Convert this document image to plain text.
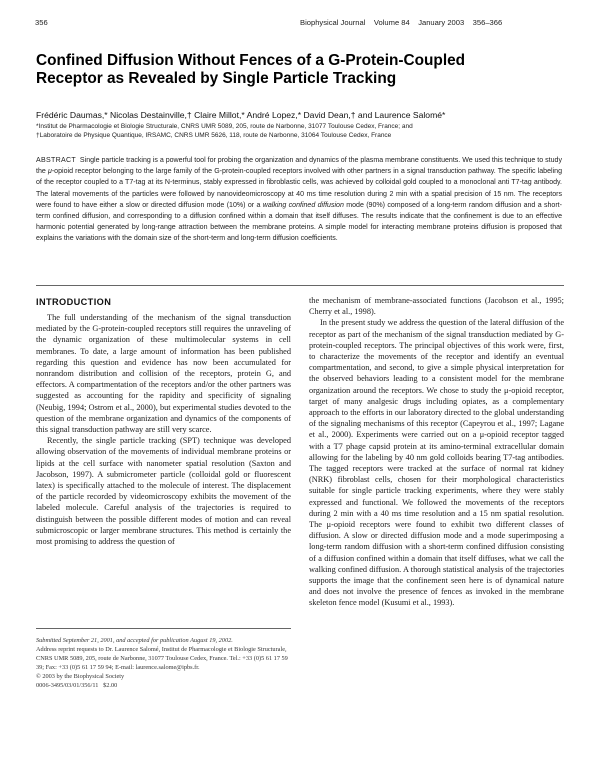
356	Biophysical Journal    Volume 84    January 2003    356–366
Confined Diffusion Without Fences of a G-Protein-Coupled
Receptor as Revealed by Single Particle Tracking
Frédéric Daumas,* Nicolas Destainville,† Claire Millot,* André Lopez,* David Dean,† and Laurence Salomé*
*Institut de Pharmacologie et Biologie Structurale, CNRS UMR 5089, 205, route de Narbonne, 31077 Toulouse Cedex, France; and
†Laboratoire de Physique Quantique, IRSAMC, CNRS UMR 5626, 118, route de Narbonne, 31064 Toulouse Cedex, France
ABSTRACT Single particle tracking is a powerful tool for probing the organization and dynamics of the plasma membrane constituents. We used this technique to study the μ-opioid receptor belonging to the large family of the G-protein-coupled receptors involved with other partners in a signal transduction pathway. The specific labeling of the receptor coupled to a T7-tag at its N-terminus, stably expressed in fibroblastic cells, was achieved by colloidal gold coupled to a monoclonal anti T7-tag antibody. The lateral movements of the particles were followed by nanovideomicroscopy at 40 ms time resolution during 2 min with a spatial precision of 15 nm. The receptors were found to have either a slow or directed diffusion mode (10%) or a walking confined diffusion mode (90%) composed of a long-term random diffusion and a short-term confined diffusion, and corresponding to a diffusion confined within a domain that itself diffuses. The results indicate that the confinement is due to an effective harmonic potential generated by long-range attraction between the membrane proteins. A simple model for interacting membrane proteins diffusion is proposed that explains the variations with the domain size of the short-term and long-term diffusion coefficients.
INTRODUCTION

The full understanding of the mechanism of the signal transduction mediated by the G-protein-coupled receptors still requires the unraveling of the dynamic organization of these multimolecular systems in cell membranes. To date, a large amount of information has been published regarding this question and evidence has now been accumulated for nonrandom distribution and collision of the receptors, protein G, and effectors. A compartmentation of the receptors and/or the other partners was suggested as accounting for the rapidity and specificity of signaling (Neubig, 1994; Ostrom et al., 2000), but experimental studies devoted to the question of the membrane organization and dynamics of the components of this signal transduction pathway are still very scarce.

Recently, the single particle tracking (SPT) technique was developed allowing observation of the movements of individual membrane proteins or lipids at the cell surface with nanometer spatial resolution (Saxton and Jacobson, 1997). A submicrometer particle (colloidal gold or fluorescent latex) is specifically attached to the molecule of interest. The displacement of the particle recorded by videomicroscopy exhibits the movement of the labeled molecule. Careful analysis of the trajectories is required to distinguish between the possible different modes of motion and can reveal submicroscopic or larger membrane structures. This method is certainly the most promising to address the question of

Submitted September 21, 2001, and accepted for publication August 19, 2002.

Address reprint requests to Dr. Laurence Salomé, Institut de Pharmacologie et Biologie Structurale, CNRS UMR 5089, 205, route de Narbonne, 31077 Toulouse Cedex, France. Tel.: +33 (0)5 61 17 59 39; Fax: +33 (0)5 61 17 59 94; E-mail: laurence.salome@ipbs.fr.

© 2003 by the Biophysical Society

0006-3495/03/01/356/11   $2.00

the mechanism of membrane-associated functions (Jacobson et al., 1995; Cherry et al., 1998).

In the present study we address the question of the lateral diffusion of the receptor as part of the mechanism of the signal transduction mediated by G-protein-coupled receptors. The principal objectives of this work were, first, to characterize the movements of the receptor and identify an eventual compartmentation, and second, to give a simple physical interpretation for the observed behaviors leading to a consistent model for the membrane organization around the receptors. We chose to study the μ-opioid receptor, target of many analgesic drugs including opiates, as a complementary approach to the efforts in our laboratory directed to the global understanding of the signaling mechanisms of this receptor (Capeyrou et al., 1997; Lagane et al., 2000). Experiments were carried out on a μ-opioid receptor tagged with a T7 phage capsid protein at its amino-terminal extracellular domain allowing for the labeling by 40 nm gold colloids bearing T7-tag antibodies. The tagged receptors were tracked at the surface of normal rat kidney (NRK) fibroblast cells, chosen for their morphological characteristics suitable for single particle tracking experiments, where they were stably expressed and functional. We followed the movements of the receptors during 2 min with a 40 ms time resolution and a 15 nm spatial resolution. The μ-opioid receptors were found to exhibit two different classes of diffusion. A slow or directed diffusion mode and a mode superimposing a long-term random diffusion with a short-term confined diffusion consisting of a diffusion confined within a domain that itself diffuses, what we call the walking confined diffusion. A thorough statistical analysis of the trajectories supports the image that the confinement seen here is of dynamical nature and does not involve the presence of fences as invoked in the membrane skeleton fence model (Kusumi et al., 1993).
